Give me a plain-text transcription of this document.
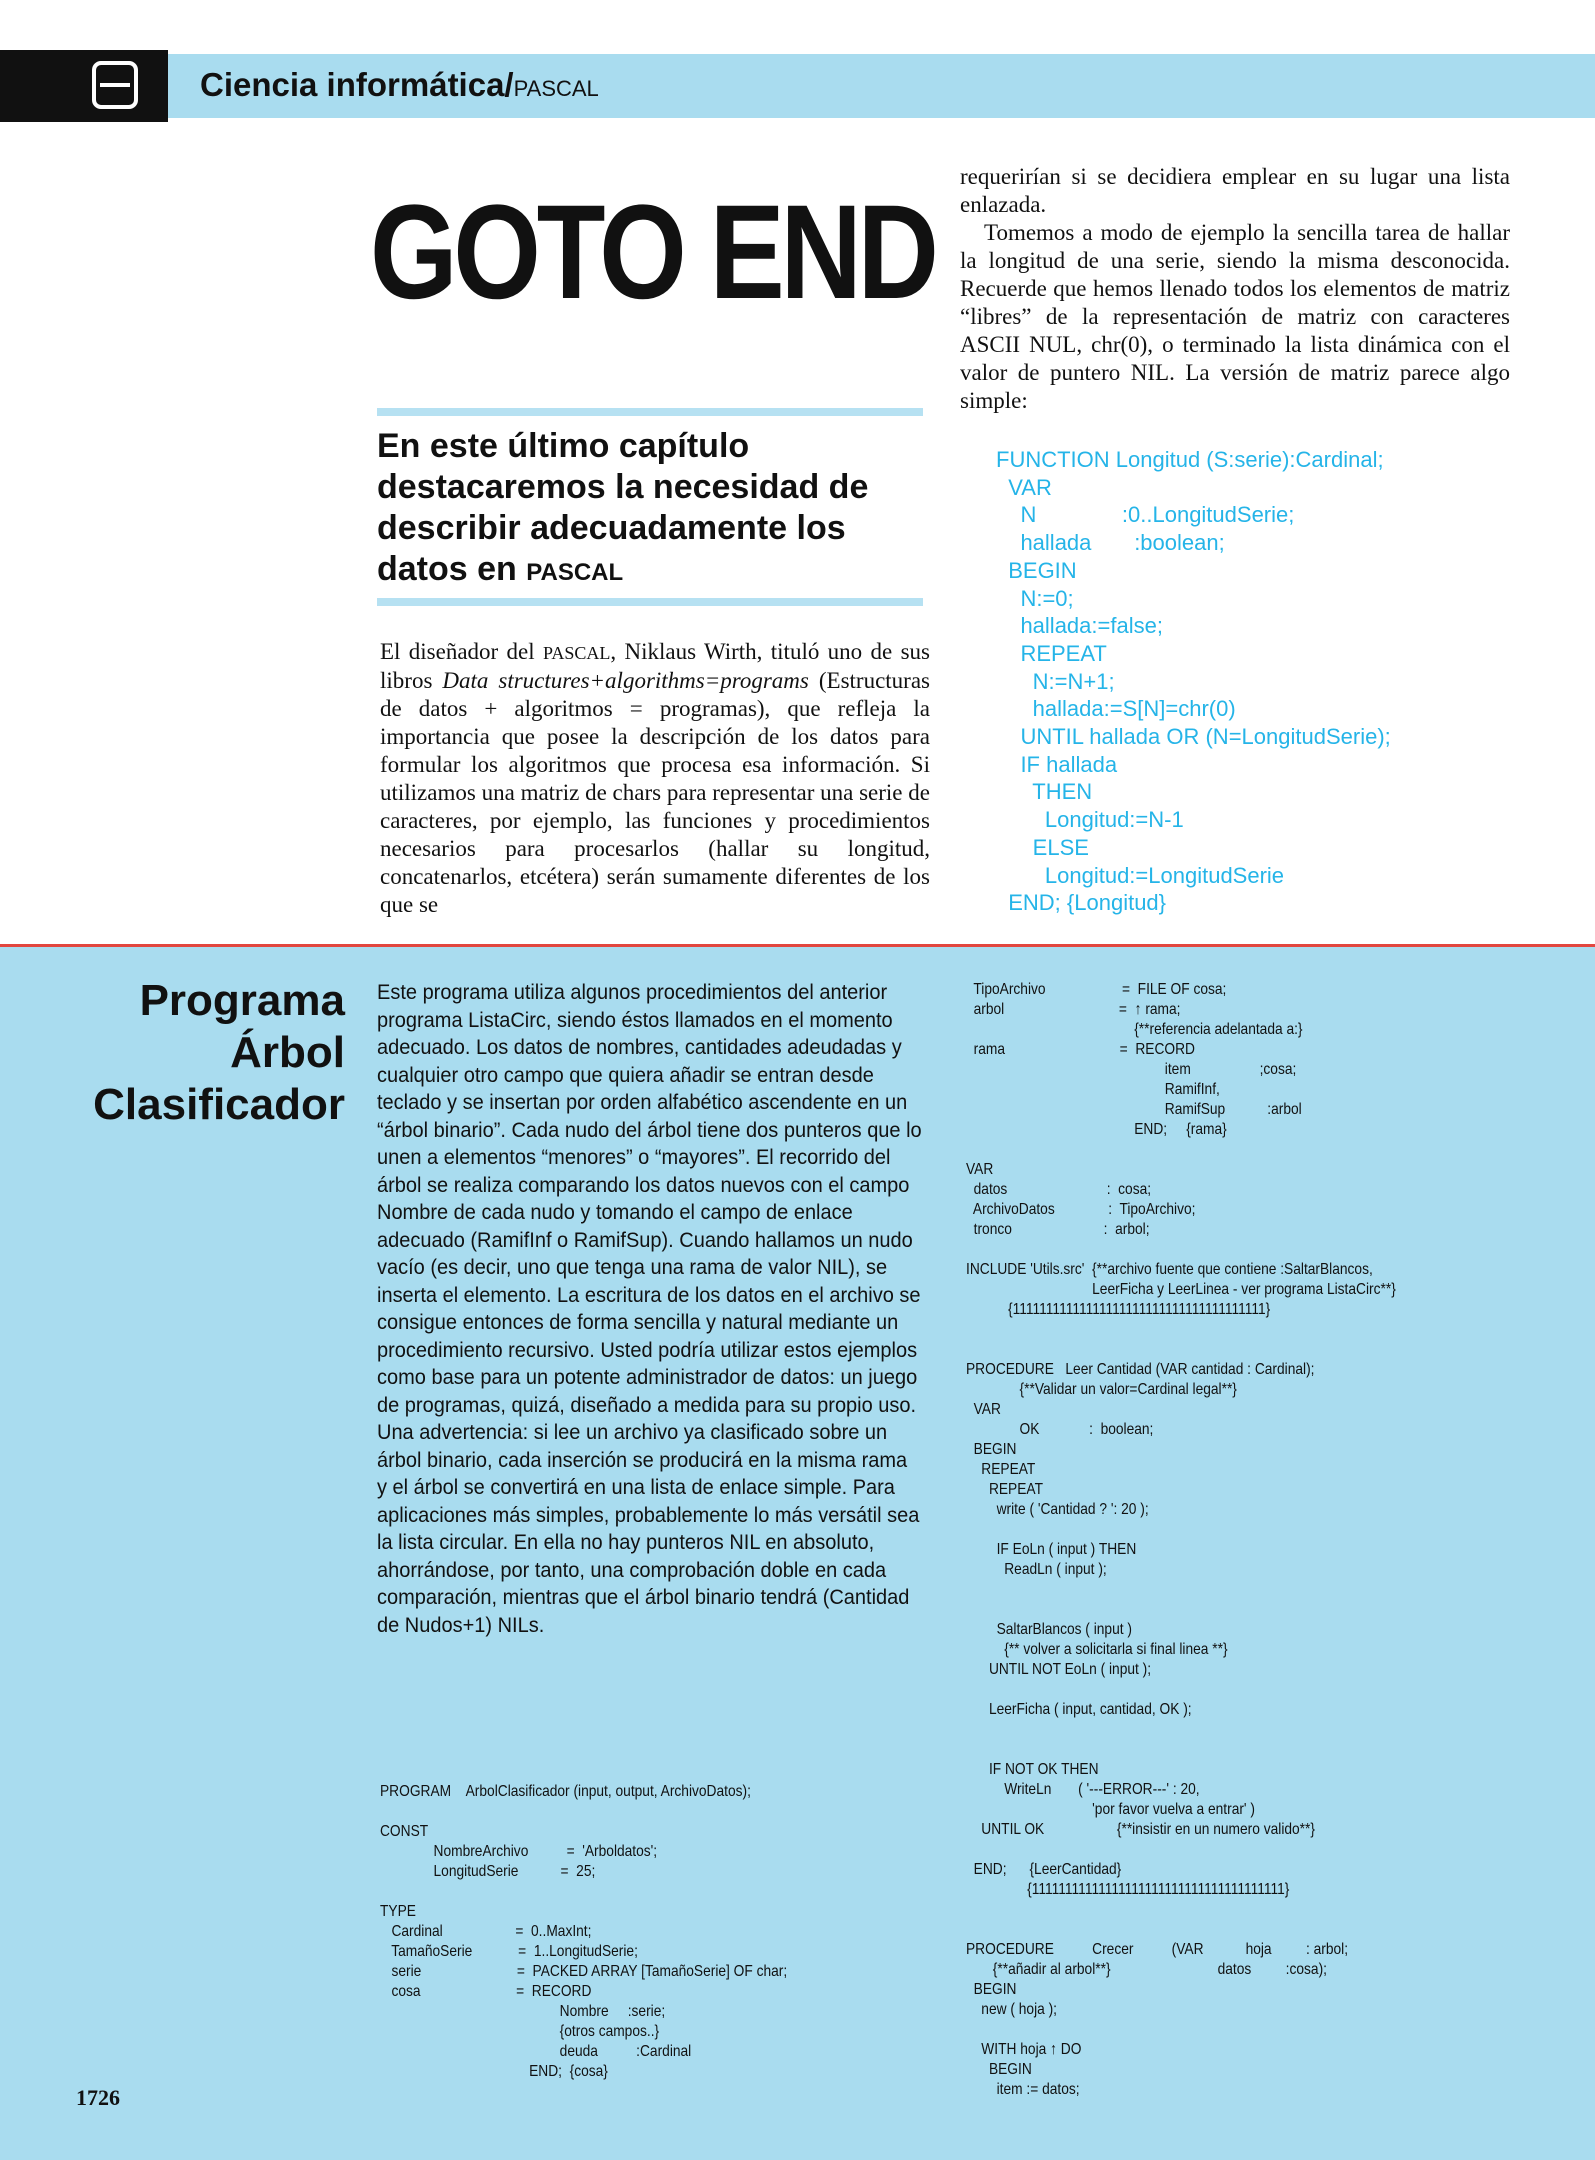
Ciencia informática/PASCAL
GOTO END
En este último capítulo destacaremos la necesidad de describir adecuadamente los datos en PASCAL
El diseñador del PASCAL, Niklaus Wirth, tituló uno de sus libros Data structures+algorithms=programs (Estructuras de datos + algoritmos = programas), que refleja la importancia que posee la descripción de los datos para formular los algoritmos que procesa esa información. Si utilizamos una matriz de chars para representar una serie de caracteres, por ejemplo, las funciones y procedimientos necesarios para procesarlos (hallar su longitud, concatenarlos, etcétera) serán sumamente diferentes de los que se

requerirían si se decidiera emplear en su lugar una lista enlazada.

Tomemos a modo de ejemplo la sencilla tarea de hallar la longitud de una serie, siendo la misma desconocida. Recuerde que hemos llenado todos los elementos de matriz “libres” de la representación de matriz con caracteres ASCII NUL, chr(0), o terminado la lista dinámica con el valor de puntero NIL. La versión de matriz parece algo simple:

FUNCTION Longitud (S:serie):Cardinal;
VAR
N              :0..LongitudSerie;
hallada       :boolean;
BEGIN
N:=0;
hallada:=false;
REPEAT
N:=N+1;
hallada:=S[N]=chr(0)
UNTIL hallada OR (N=LongitudSerie);
IF hallada
THEN
Longitud:=N-1
ELSE
Longitud:=LongitudSerie
END; {Longitud}
Programa
Árbol
Clasificador
Este programa utiliza algunos procedimientos del anterior programa ListaCirc, siendo éstos llamados en el momento adecuado. Los datos de nombres, cantidades adeudadas y cualquier otro campo que quiera añadir se entran desde teclado y se insertan por orden alfabético ascendente en un “árbol binario”. Cada nudo del árbol tiene dos punteros que lo unen a elementos “menores” o “mayores”. El recorrido del árbol se realiza comparando los datos nuevos con el campo Nombre de cada nudo y tomando el campo de enlace adecuado (RamifInf o RamifSup). Cuando hallamos un nudo vacío (es decir, uno que tenga una rama de valor NIL), se inserta el elemento. La escritura de los datos en el archivo se consigue entonces de forma sencilla y natural mediante un procedimiento recursivo. Usted podría utilizar estos ejemplos como base para un potente administrador de datos: un juego de programas, quizá, diseñado a medida para su propio uso. Una advertencia: si lee un archivo ya clasificado sobre un árbol binario, cada inserción se producirá en la misma rama y el árbol se convertirá en una lista de enlace simple. Para aplicaciones más simples, probablemente lo más versátil sea la lista circular. En ella no hay punteros NIL en absoluto, ahorrándose, por tanto, una comprobación doble en cada comparación, mientras que el árbol binario tendrá (Cantidad de Nudos+1) NILs.
PROGRAM    ArbolClasificador (input, output, ArchivoDatos);

CONST
NombreArchivo          =  'Arboldatos';
LongitudSerie           =  25;

TYPE
Cardinal                   =  0..MaxInt;
TamañoSerie            =  1..LongitudSerie;
serie                         =  PACKED ARRAY [TamañoSerie] OF char;
cosa                         =  RECORD
Nombre     :serie;
{otros campos..}
deuda          :Cardinal
END;  {cosa}
TipoArchivo                    =  FILE OF cosa;
arbol                              =  ↑ rama;
{**referencia adelantada a:}
rama                              =  RECORD
item                  ;cosa;
RamifInf,
RamifSup           :arbol
END;     {rama}

VAR
datos                          :  cosa;
ArchivoDatos              :  TipoArchivo;
tronco                        :  arbol;

INCLUDE 'Utils.src'  {**archivo fuente que contiene :SaltarBlancos,
LeerFicha y LeerLinea - ver programa ListaCirc**}
{11111111111111111111111111111111111111}

PROCEDURE   Leer Cantidad (VAR cantidad : Cardinal);
{**Validar un valor=Cardinal legal**}
VAR
OK             :  boolean;
BEGIN
REPEAT
REPEAT
write ( 'Cantidad ? ': 20 );

IF EoLn ( input ) THEN
ReadLn ( input );

SaltarBlancos ( input )
{** volver a solicitarla si final linea **}
UNTIL NOT EoLn ( input );

LeerFicha ( input, cantidad, OK );

IF NOT OK THEN
WriteLn       ( '---ERROR---' : 20,
'por favor vuelva a entrar' )
UNTIL OK                   {**insistir en un numero valido**}

END;      {LeerCantidad}
{11111111111111111111111111111111111111}

PROCEDURE          Crecer          (VAR           hoja         : arbol;
{**añadir al arbol**}                            datos         :cosa);
BEGIN
new ( hoja );

WITH hoja ↑ DO
BEGIN
item := datos;
1726
